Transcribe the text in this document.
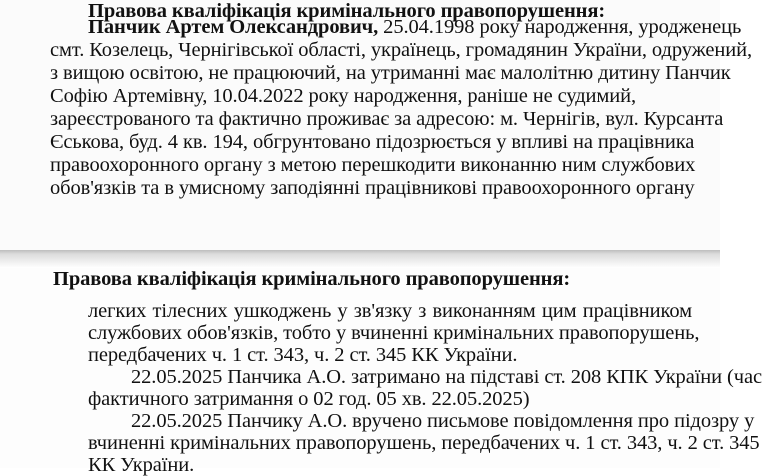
Правова кваліфікація кримінального правопорушення:

Панчик Артем Олександрович, 25.04.1998 року народження, уродженець

смт. Козелець, Чернігівської області, українець, громадянин України, одружений,

з вищою освітою, не працюючий, на утриманні має малолітню дитину Панчик

Софію Артемівну, 10.04.2022 року народження, раніше не судимий,

зареєстрованого та фактично проживає за адресою: м. Чернігів, вул. Курсанта

Єськова, буд. 4 кв. 194, обгрунтовано підозрюється у впливі на працівника

правоохоронного органу з метою перешкодити виконанню ним службових

обов'язків та в умисному заподіянні працівникові правоохоронного органу

Правова кваліфікація кримінального правопорушення:

легких тілесних ушкоджень у зв'язку з виконанням цим працівником

службових обов'язків, тобто у вчиненні кримінальних правопорушень,

передбачених ч. 1 ст. 343, ч. 2 ст. 345 КК України.

22.05.2025 Панчика А.О. затримано на підставі ст. 208 КПК України (час

фактичного затримання о 02 год. 05 хв. 22.05.2025)

22.05.2025 Панчику А.О. вручено письмове повідомлення про підозру у

вчиненні кримінальних правопорушень, передбачених ч. 1 ст. 343, ч. 2 ст. 345

КК України.
